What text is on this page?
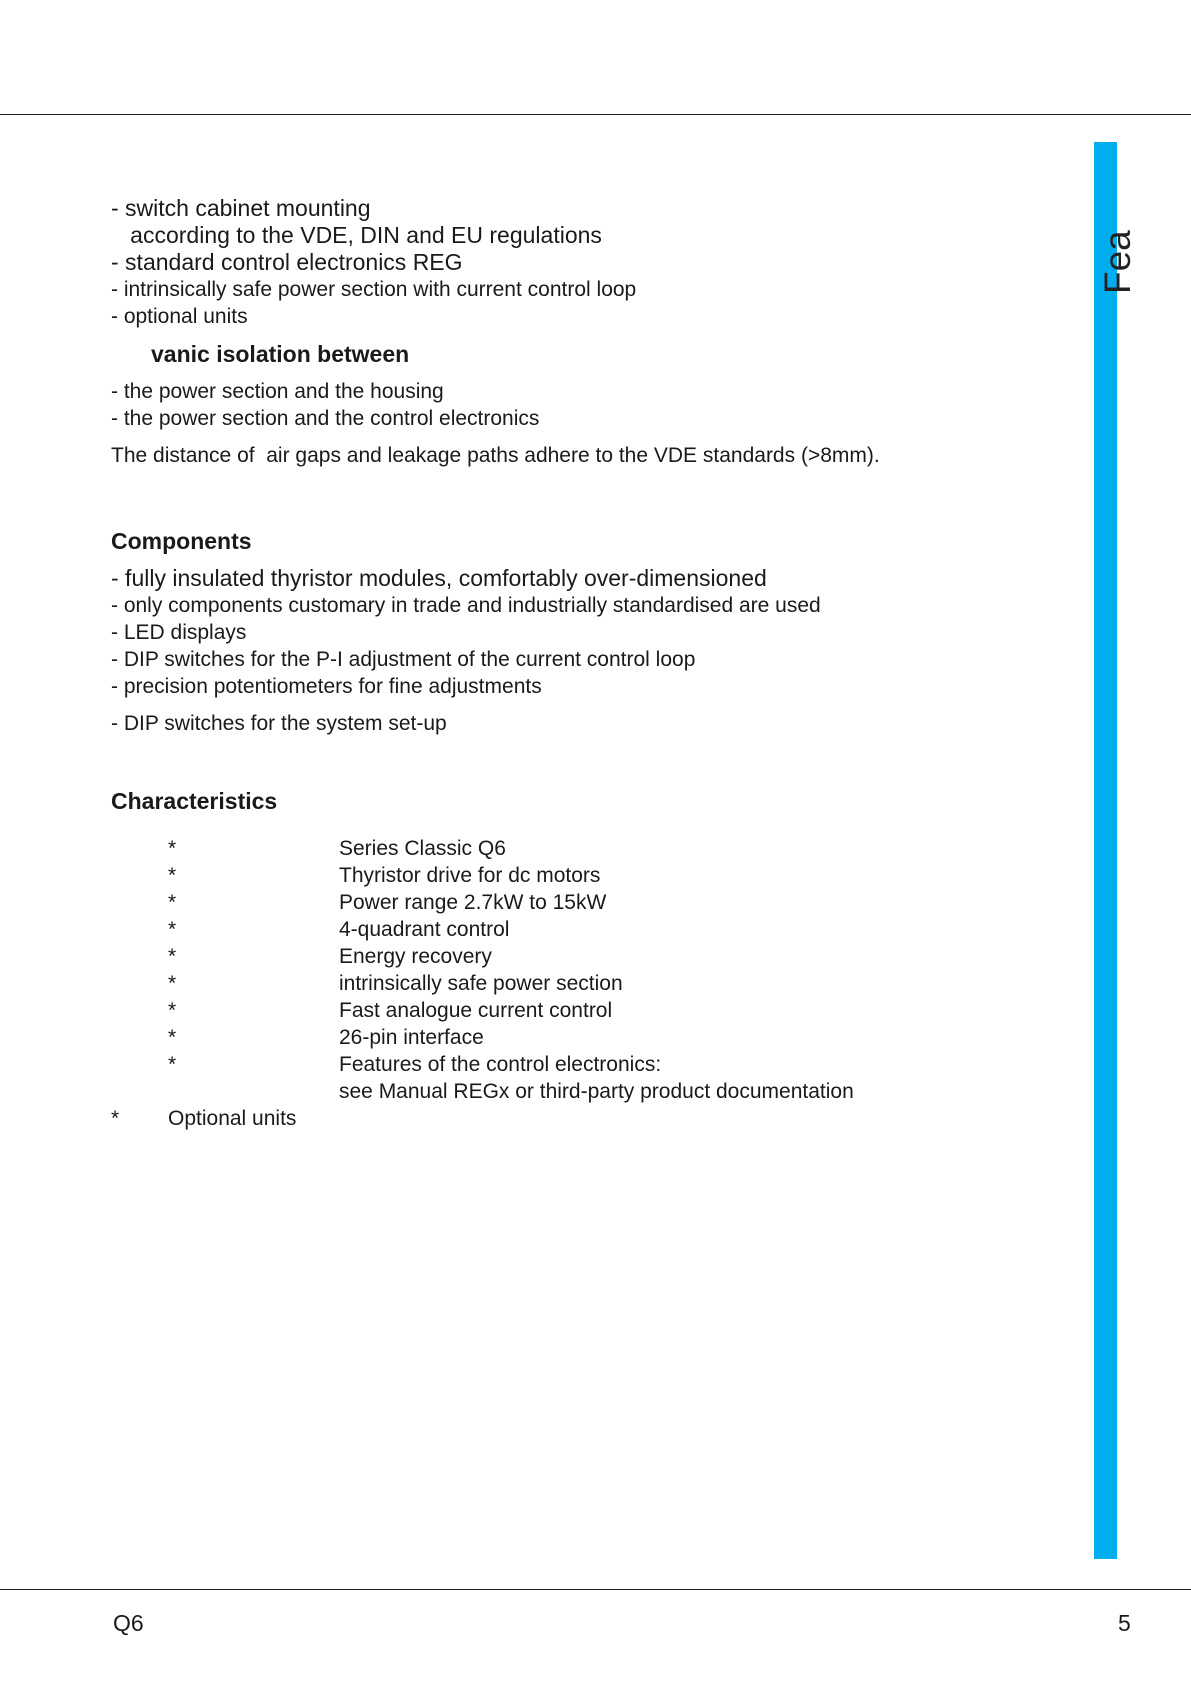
Fea

- switch cabinet mounting

according to the VDE, DIN and EU regulations

- standard control electronics REG

- intrinsically safe power section with current control loop

- optional units

vanic isolation between

- the power section and the housing

- the power section and the control electronics

The distance of  air gaps and leakage paths adhere to the VDE standards (>8mm).

Components

- fully insulated thyristor modules, comfortably over-dimensioned

- only components customary in trade and industrially standardised are used

- LED displays

- DIP switches for the P-I adjustment of the current control loop

- precision potentiometers for fine adjustments

- DIP switches for the system set-up

Characteristics

*	Series Classic Q6
*	Thyristor drive for dc motors
*	Power range 2.7kW to 15kW
*	4-quadrant control
*	Energy recovery
*	intrinsically safe power section
*	Fast analogue current control
*	26-pin interface
*	Features of the control electronics:
see Manual REGx or third-party product documentation
* Optional units
Q6	5
